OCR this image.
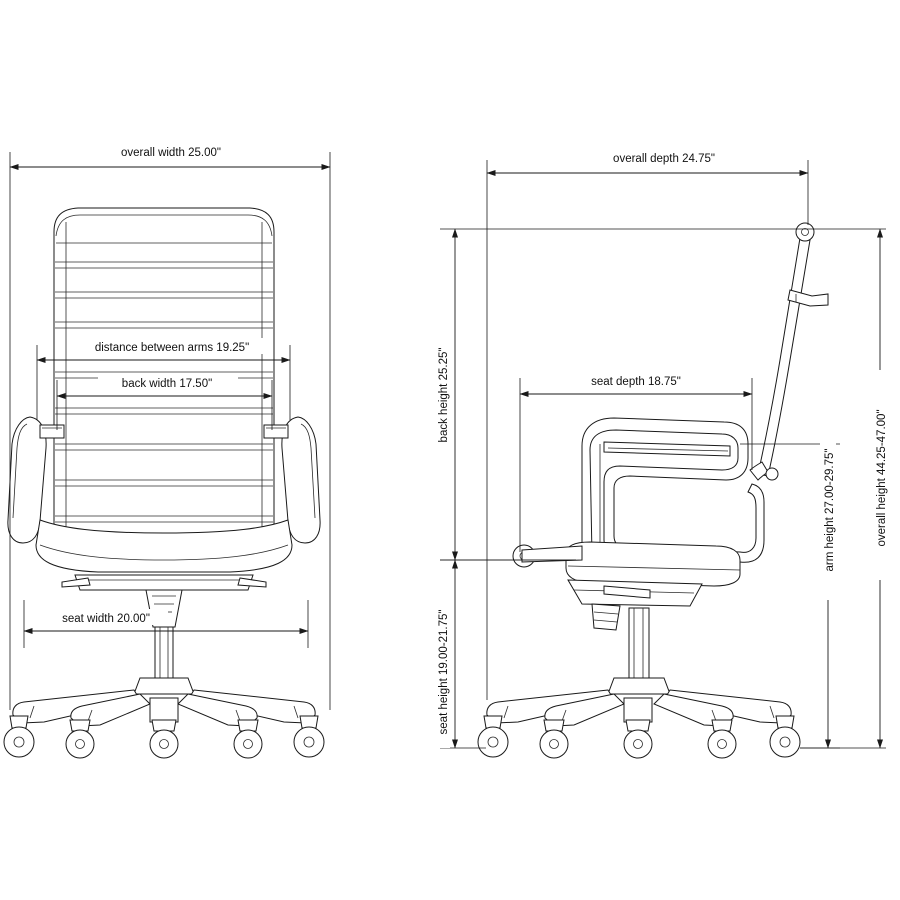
overall width 25.00"
distance between arms 19.25"
back width 17.50"
seat width 20.00"
overall depth 24.75"
back height 25.25"	seat depth 18.75"
seat height 19.00-21.75"
arm height 27.00-29.75"	overall height 44.25-47.00"
